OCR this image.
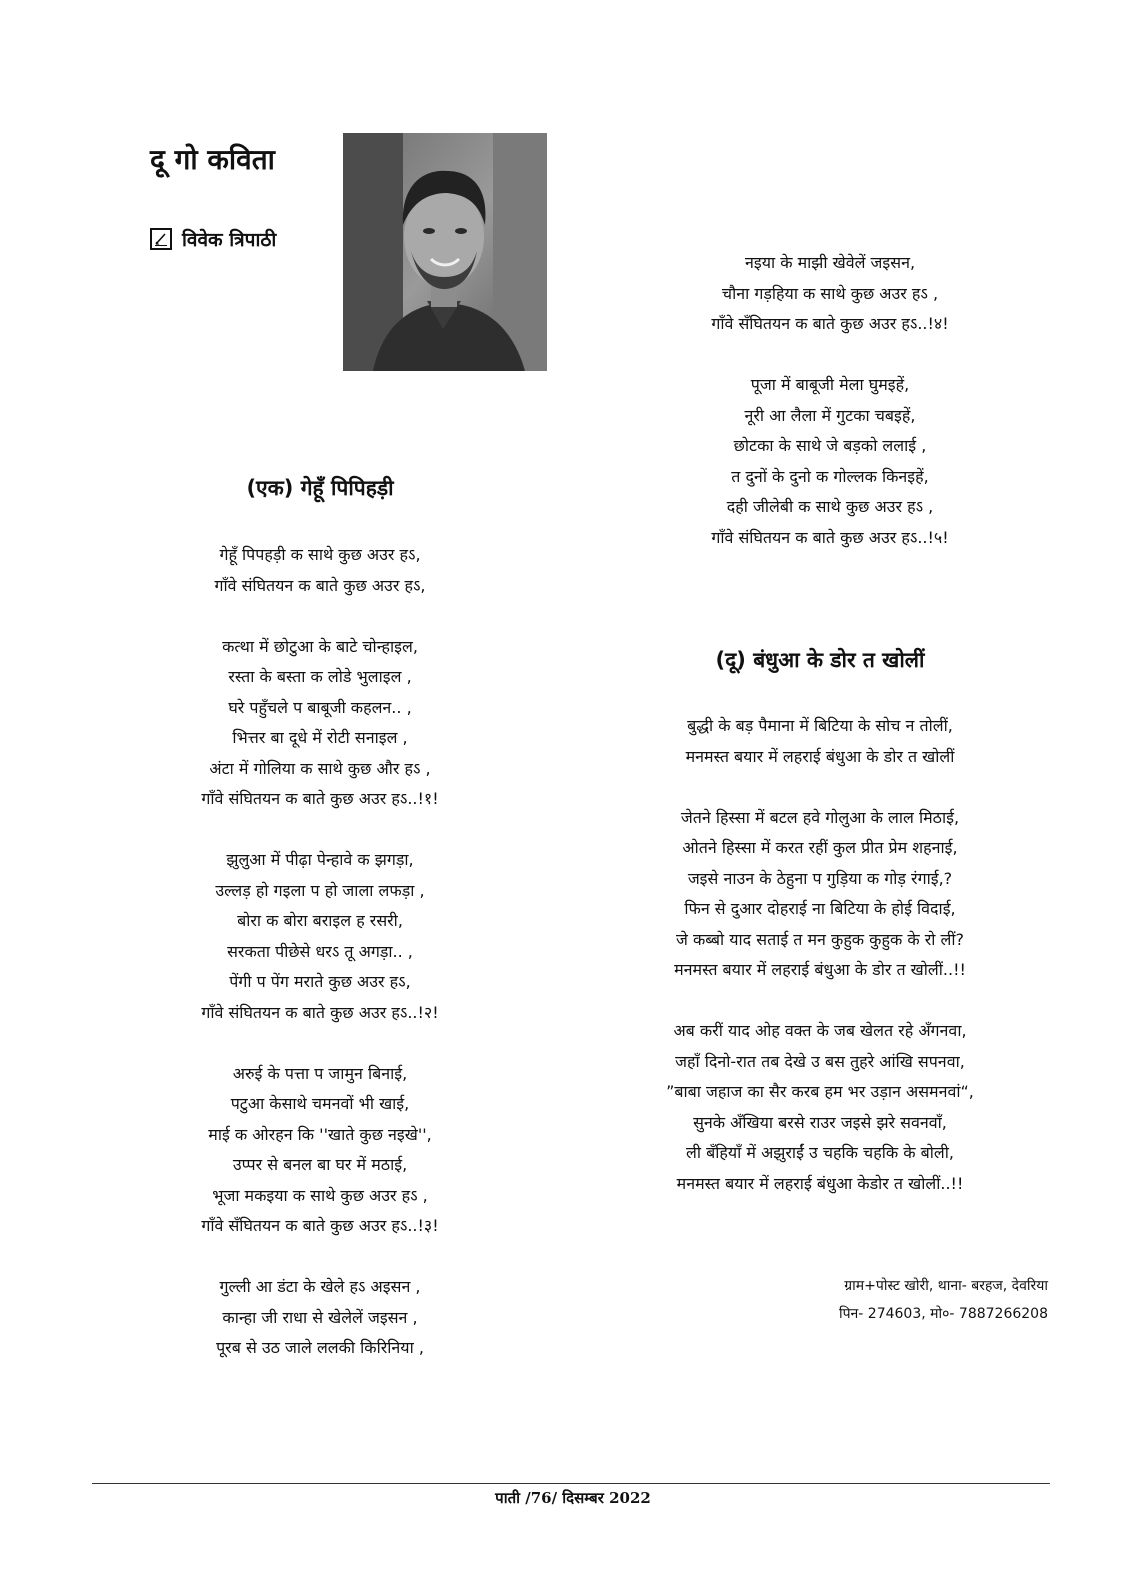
दू गो कविता
विवेक त्रिपाठी
(एक) गेहूँ पिपिहड़ी

गेहूँ पिपहड़ी क साथे कुछ अउर हऽ,
गाँवे संघितयन क बाते कुछ अउर हऽ,

कत्था में छोटुआ के बाटे चोन्हाइल,
रस्ता के बस्ता क लोडे भुलाइल ,
घरे पहुँचले प बाबूजी कहलन.. ,
भित्तर बा दूधे में रोटी सनाइल ,
अंटा में गोलिया क साथे कुछ और हऽ ,
गाँवे संघितयन क बाते कुछ अउर हऽ..!१!

झुलुआ में पीढ़ा पेन्हावे क झगड़ा,
उल्लड़ हो गइला प हो जाला लफड़ा ,
बोरा क बोरा बराइल ह रसरी,
सरकता पीछेसे धरऽ तू अगड़ा.. ,
पेंगी प पेंग मराते कुछ अउर हऽ,
गाँवे संघितयन क बाते कुछ अउर हऽ..!२!

अरुई के पत्ता प जामुन बिनाई,
पटुआ केसाथे चमनवों भी खाई,
माई क ओरहन कि ''खाते कुछ नइखे'',
उप्पर से बनल बा घर में मठाई,
भूजा मकइया क साथे कुछ अउर हऽ ,
गाँवे सँघितयन क बाते कुछ अउर हऽ..!३!

गुल्ली आ डंटा के खेले हऽ अइसन ,
कान्हा जी राधा से खेलेलें जइसन ,
पूरब से उठ जाले ललकी किरिनिया ,

नइया के माझी खेवेलें जइसन,
चौना गड़हिया क साथे कुछ अउर हऽ ,
गाँवे सँघितयन क बाते कुछ अउर हऽ..!४!

पूजा में बाबूजी मेला घुमइहें,
नूरी आ लैला में गुटका चबइहें,
छोटका के साथे जे बड़को ललाई ,
त दुनों के दुनो क गोल्लक किनइहें,
दही जीलेबी क साथे कुछ अउर हऽ ,
गाँवे संघितयन क बाते कुछ अउर हऽ..!५!

(दू) बंधुआ के डोर त खोलीं

बुद्धी के बड़ पैमाना में बिटिया के सोच न तोलीं,
मनमस्त बयार में लहराई बंधुआ के डोर त खोलीं

जेतने हिस्सा में बटल हवे गोलुआ के लाल मिठाई,
ओतने हिस्सा में करत रहीं कुल प्रीत प्रेम शहनाई,
जइसे नाउन के ठेहुना प गुड़िया क गोड़ रंगाई,?
फिन से दुआर दोहराई ना बिटिया के होई विदाई,
जे कब्बो याद सताई त मन कुहुक कुहुक के रो लीं?
मनमस्त बयार में लहराई बंधुआ के डोर त खोलीं..!!

अब करीं याद ओह वक्त के जब खेलत रहे अँगनवा,
जहाँ दिनो-रात तब देखे उ बस तुहरे आंखि सपनवा,
”बाबा जहाज का सैर करब हम भर उड़ान असमनवां“,
सुनके अँखिया बरसे राउर जइसे झरे सवनवाँ,
ली बँहियाँ में अझुराईं उ चहकि चहकि के बोली,
मनमस्त बयार में लहराई बंधुआ केडोर त खोलीं..!!

ग्राम+पोस्ट खोरी, थाना- बरहज, देवरिया
पिन- 274603, मो०- 7887266208
पाती /76/ दिसम्बर 2022
